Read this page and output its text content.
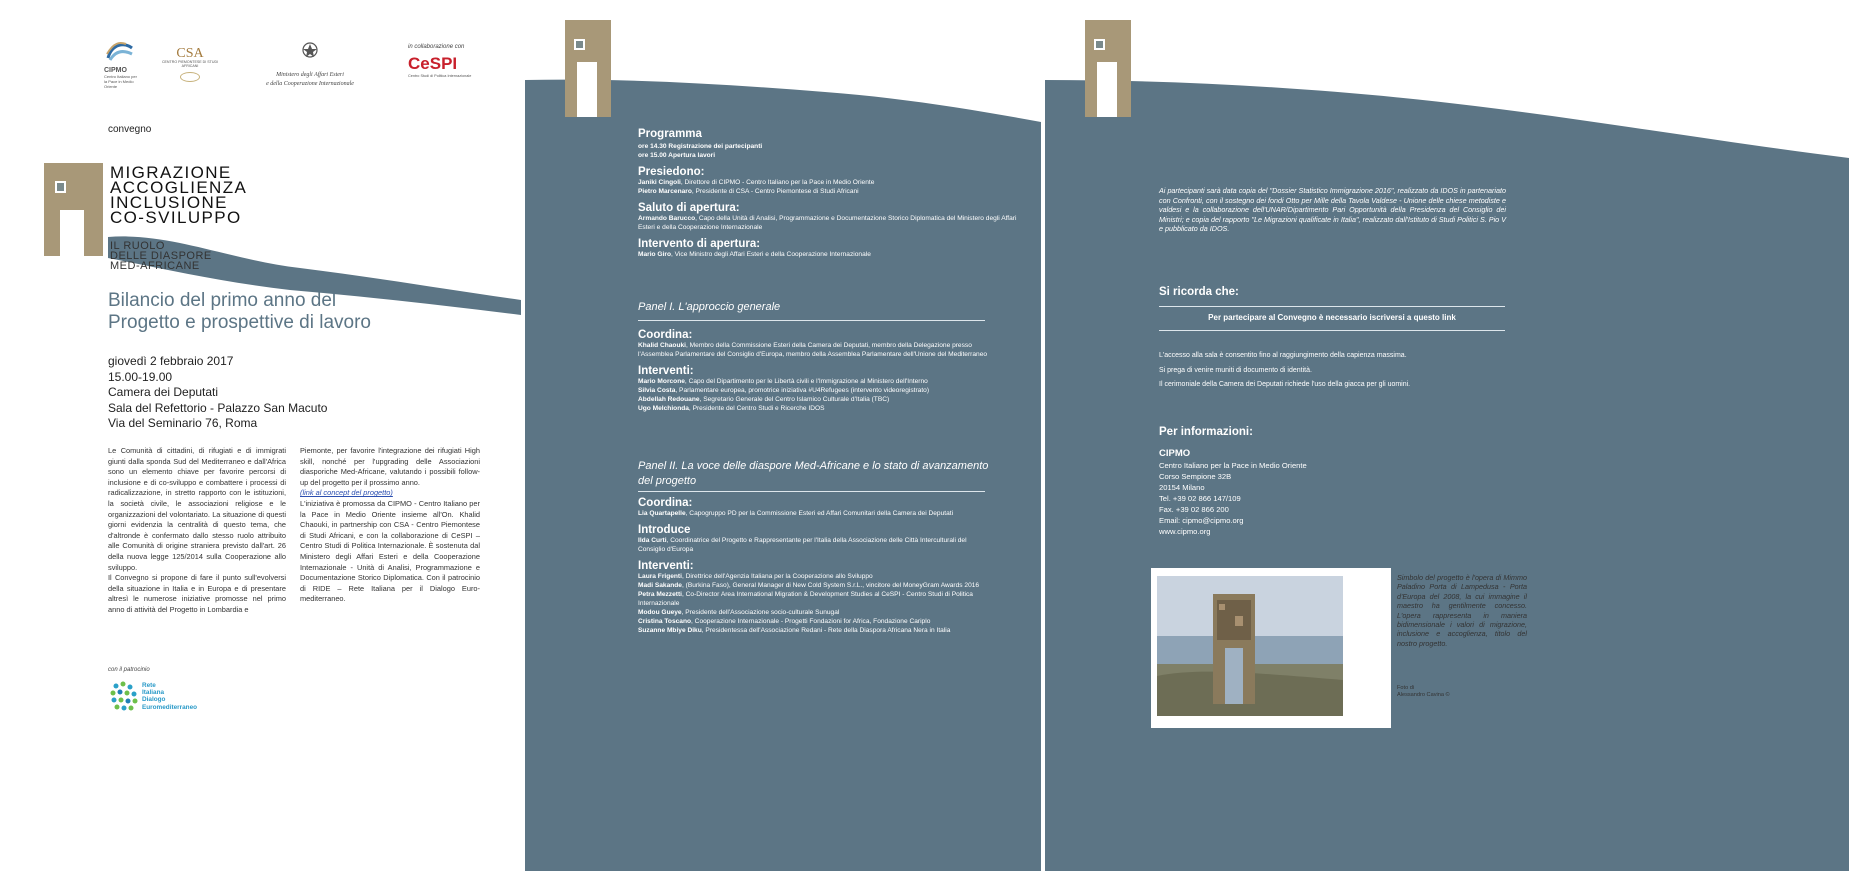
CIPMO
Centro Italiano per la Pace in Medio Oriente
CSA
CENTRO PIEMONTESE DI STUDI AFRICANI
Ministero degli Affari Esteri
e della Cooperazione Internazionale
in collaborazione con
CeSPI
Centro Studi di Politica Internazionale
convegno
MIGRAZIONE
ACCOGLIENZA
INCLUSIONE
CO-SVILUPPO
IL RUOLO
DELLE DIASPORE
MED-AFRICANE
Bilancio del primo anno del
Progetto e prospettive di lavoro
giovedì 2 febbraio 2017
15.00-19.00
Camera dei Deputati
Sala del Refettorio - Palazzo San Macuto
Via del Seminario 76, Roma

Le Comunità di cittadini, di rifugiati e di immigrati giunti dalla sponda Sud del Mediterraneo e dall'Africa sono un elemento chiave per favorire percorsi di inclusione e di co-sviluppo e combattere i processi di radicalizzazione, in stretto rapporto con le istituzioni, la società civile, le associazioni religiose e le organizzazioni del volontariato. La situazione di questi giorni evidenzia la centralità di questo tema, che d'altronde è confermato dallo stesso ruolo attribuito alle Comunità di origine straniera previsto dall'art. 26 della nuova legge 125/2014 sulla Cooperazione allo sviluppo.

Il Convegno si propone di fare il punto sull'evolversi della situazione in Italia e in Europa e di presentare altresì le numerose iniziative promosse nel primo anno di attività del Progetto in Lombardia e

Piemonte, per favorire l'integrazione dei rifugiati High skill, nonché per l'upgrading delle Associazioni diasporiche Med-Africane, valutando i possibili follow-up del progetto per il prossimo anno.

(link al concept del progetto)

L'iniziativa è promossa da CIPMO - Centro Italiano per la Pace in Medio Oriente insieme all'On. Khalid Chaouki, in partnership con CSA - Centro Piemontese di Studi Africani, e con la collaborazione di CeSPI – Centro Studi di Politica Internazionale. È sostenuta dal Ministero degli Affari Esteri e della Cooperazione Internazionale - Unità di Analisi, Programmazione e Documentazione Storico Diplomatica. Con il patrocinio di RIDE – Rete Italiana per il Dialogo Euro-mediterraneo.

con il patrocinio
Rete
Italiana
Dialogo
Euromediterraneo
Programma
ore 14.30 Registrazione dei partecipanti
ore 15.00 Apertura lavori
Presiedono:
Janiki Cingoli, Direttore di CIPMO - Centro Italiano per la Pace in Medio Oriente
Pietro Marcenaro, Presidente di CSA - Centro Piemontese di Studi Africani
Saluto di apertura:
Armando Barucco, Capo della Unità di Analisi, Programmazione e Documentazione Storico Diplomatica del Ministero degli Affari Esteri e della Cooperazione Internazionale
Intervento di apertura:
Mario Giro, Vice Ministro degli Affari Esteri e della Cooperazione Internazionale
Panel I. L'approccio generale
Coordina:
Khalid Chaouki, Membro della Commissione Esteri della Camera dei Deputati, membro della Delegazione presso l'Assemblea Parlamentare del Consiglio d'Europa, membro della Assemblea Parlamentare dell'Unione del Mediterraneo
Interventi:
Mario Morcone, Capo del Dipartimento per le Libertà civili e l'Immigrazione al Ministero dell'Interno
Silvia Costa, Parlamentare europea, promotrice iniziativa #U4Refugees (intervento videoregistrato)
Abdellah Redouane, Segretario Generale del Centro Islamico Culturale d'Italia (TBC)
Ugo Melchionda, Presidente del Centro Studi e Ricerche IDOS
Panel II. La voce delle diaspore Med-Africane e lo stato di avanzamento
del progetto
Coordina:
Lia Quartapelle, Capogruppo PD per la Commissione Esteri ed Affari Comunitari della Camera dei Deputati
Introduce
Ilda Curti, Coordinatrice del Progetto e Rappresentante per l'Italia della Associazione delle Città Interculturali del Consiglio d'Europa
Interventi:
Laura Frigenti, Direttrice dell'Agenzia Italiana per la Cooperazione allo Sviluppo
Madi Sakande, (Burkina Faso), General Manager di New Cold System S.r.L., vincitore del MoneyGram Awards 2016
Petra Mezzetti, Co-Director Area International Migration & Development Studies al CeSPI - Centro Studi di Politica Internazionale
Modou Gueye, Presidente dell'Associazione socio-culturale Sunugal
Cristina Toscano, Cooperazione Internazionale - Progetti Fondazioni for Africa, Fondazione Cariplo
Suzanne Mbiye Diku, Presidentessa dell'Associazione Redani - Rete della Diaspora Africana Nera in Italia
Ai partecipanti sarà data copia del "Dossier Statistico Immigrazione 2016", realizzato da IDOS in partenariato con Confronti, con il sostegno dei fondi Otto per Mille della Tavola Valdese - Unione delle chiese metodiste e valdesi e la collaborazione dell'UNAR/Dipartimento Pari Opportunità della Presidenza del Consiglio dei Ministri; e copia del rapporto "Le Migrazioni qualificate in Italia", realizzato dall'Istituto di Studi Politici S. Pio V e pubblicato da IDOS.
Si ricorda che:
Per partecipare al Convegno è necessario iscriversi a questo link
L'accesso alla sala è consentito fino al raggiungimento della capienza massima.
Si prega di venire muniti di documento di identità.
Il cerimoniale della Camera dei Deputati richiede l'uso della giacca per gli uomini.
Per informazioni:
CIPMO
Centro Italiano per la Pace in Medio Oriente
Corso Sempione 32B
20154 Milano
Tel. +39 02 866 147/109
Fax. +39 02 866 200
Email: cipmo@cipmo.org
www.cipmo.org
Simbolo del progetto è l'opera di Mimmo Paladino Porta di Lampedusa - Porta d'Europa del 2008, la cui immagine il maestro ha gentilmente concesso. L'opera rappresenta in maniera bidimensionale i valori di migrazione, inclusione e accoglienza, titolo del nostro progetto.
Foto di
Alessandro Cavina ©
